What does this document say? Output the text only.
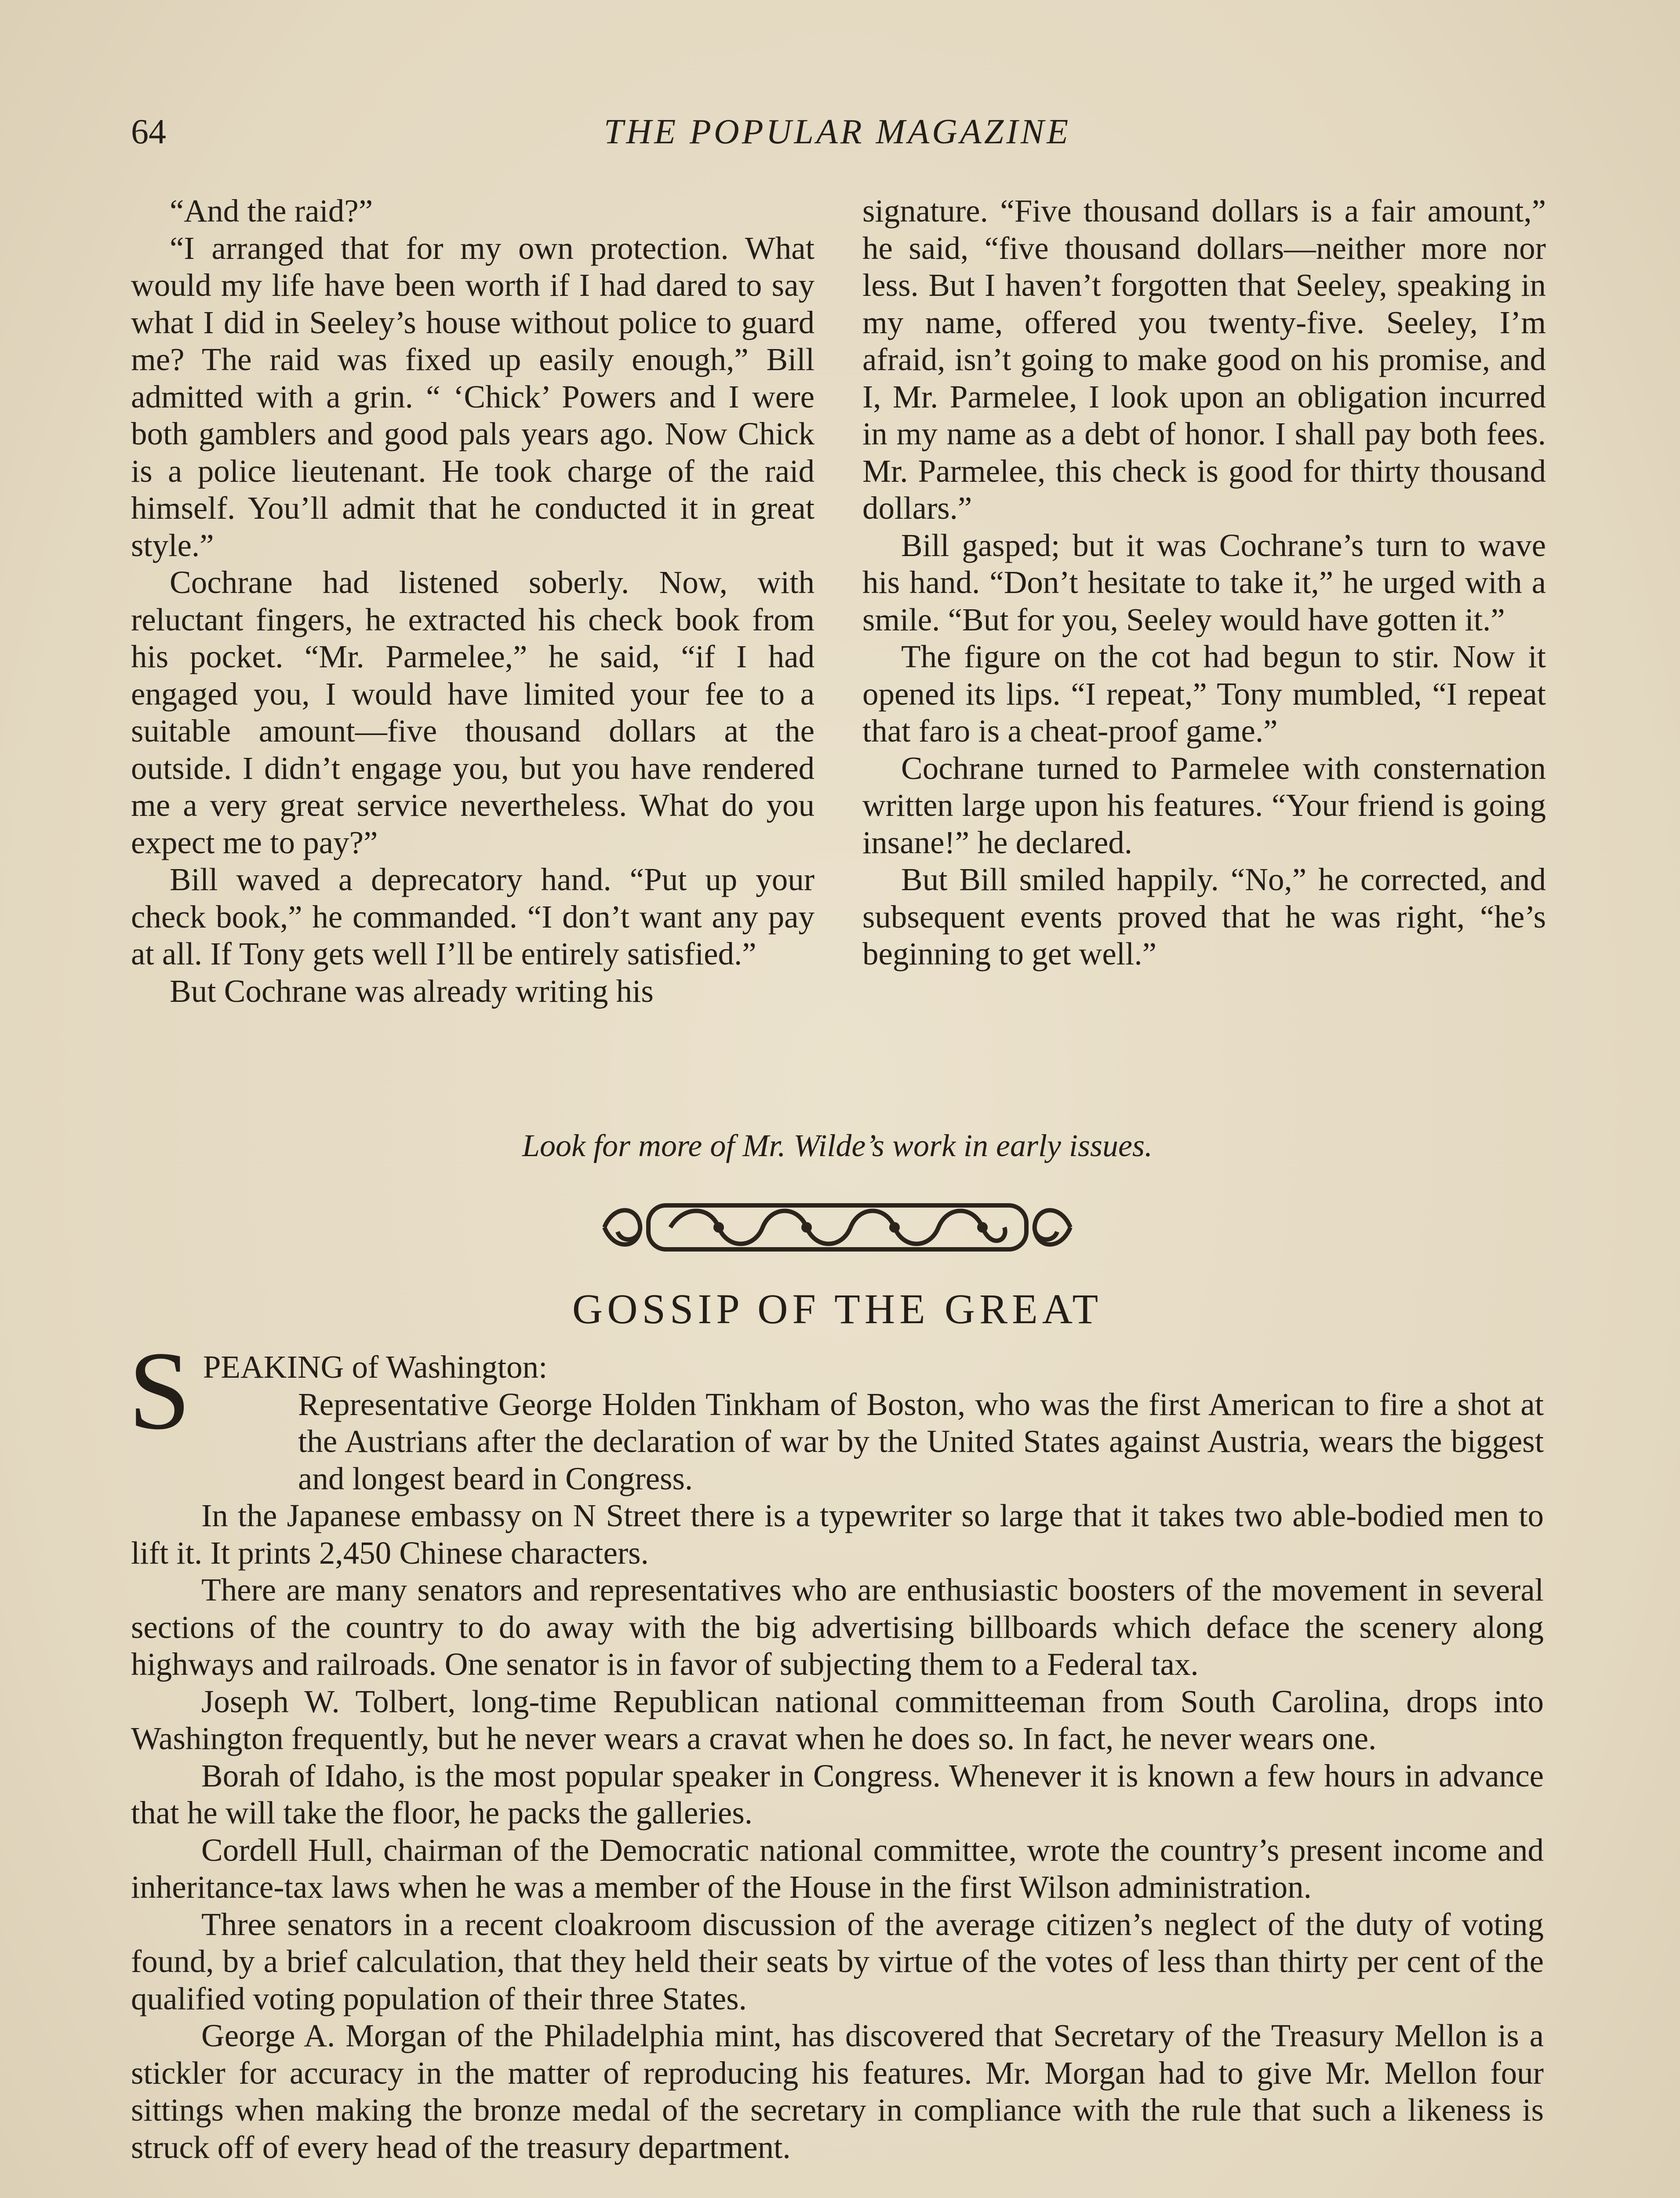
64	THE POPULAR MAGAZINE

“And the raid?”

“I arranged that for my own protection. What would my life have been worth if I had dared to say what I did in Seeley’s house without police to guard me? The raid was fixed up easily enough,” Bill admitted with a grin. “ ‘Chick’ Powers and I were both gamblers and good pals years ago. Now Chick is a police lieutenant. He took charge of the raid himself. You’ll admit that he conducted it in great style.”

Cochrane had listened soberly. Now, with reluctant fingers, he extracted his check book from his pocket. “Mr. Parmelee,” he said, “if I had engaged you, I would have limited your fee to a suitable amount—five thousand dollars at the outside. I didn’t engage you, but you have rendered me a very great service nevertheless. What do you expect me to pay?”

Bill waved a deprecatory hand. “Put up your check book,” he commanded. “I don’t want any pay at all. If Tony gets well I’ll be entirely satisfied.”

But Cochrane was already writing his

signature. “Five thousand dollars is a fair amount,” he said, “five thousand dollars—neither more nor less. But I haven’t forgotten that Seeley, speaking in my name, offered you twenty-five. Seeley, I’m afraid, isn’t going to make good on his promise, and I, Mr. Parmelee, I look upon an obligation incurred in my name as a debt of honor. I shall pay both fees. Mr. Parmelee, this check is good for thirty thousand dollars.”

Bill gasped; but it was Cochrane’s turn to wave his hand. “Don’t hesitate to take it,” he urged with a smile. “But for you, Seeley would have gotten it.”

The figure on the cot had begun to stir. Now it opened its lips. “I repeat,” Tony mumbled, “I repeat that faro is a cheat-proof game.”

Cochrane turned to Parmelee with consternation written large upon his features. “Your friend is going insane!” he declared.

But Bill smiled happily. “No,” he corrected, and subsequent events proved that he was right, “he’s beginning to get well.”

Look for more of Mr. Wilde’s work in early issues.
GOSSIP OF THE GREAT

S PEAKING of Washington:
Representative George Holden Tinkham of Boston, who was the first American to fire a shot at the Austrians after the declaration of war by the United States against Austria, wears the biggest and longest beard in Congress.

In the Japanese embassy on N Street there is a typewriter so large that it takes two able-bodied men to lift it. It prints 2,450 Chinese characters.

There are many senators and representatives who are enthusiastic boosters of the movement in several sections of the country to do away with the big advertising billboards which deface the scenery along highways and railroads. One senator is in favor of subjecting them to a Federal tax.

Joseph W. Tolbert, long-time Republican national committeeman from South Carolina, drops into Washington frequently, but he never wears a cravat when he does so. In fact, he never wears one.

Borah of Idaho, is the most popular speaker in Congress. Whenever it is known a few hours in advance that he will take the floor, he packs the galleries.

Cordell Hull, chairman of the Democratic national committee, wrote the country’s present income and inheritance-tax laws when he was a member of the House in the first Wilson administration.

Three senators in a recent cloakroom discussion of the average citizen’s neglect of the duty of voting found, by a brief calculation, that they held their seats by virtue of the votes of less than thirty per cent of the qualified voting population of their three States.

George A. Morgan of the Philadelphia mint, has discovered that Secretary of the Treasury Mellon is a stickler for accuracy in the matter of reproducing his features. Mr. Morgan had to give Mr. Mellon four sittings when making the bronze medal of the secretary in compliance with the rule that such a likeness is struck off of every head of the treasury department.
